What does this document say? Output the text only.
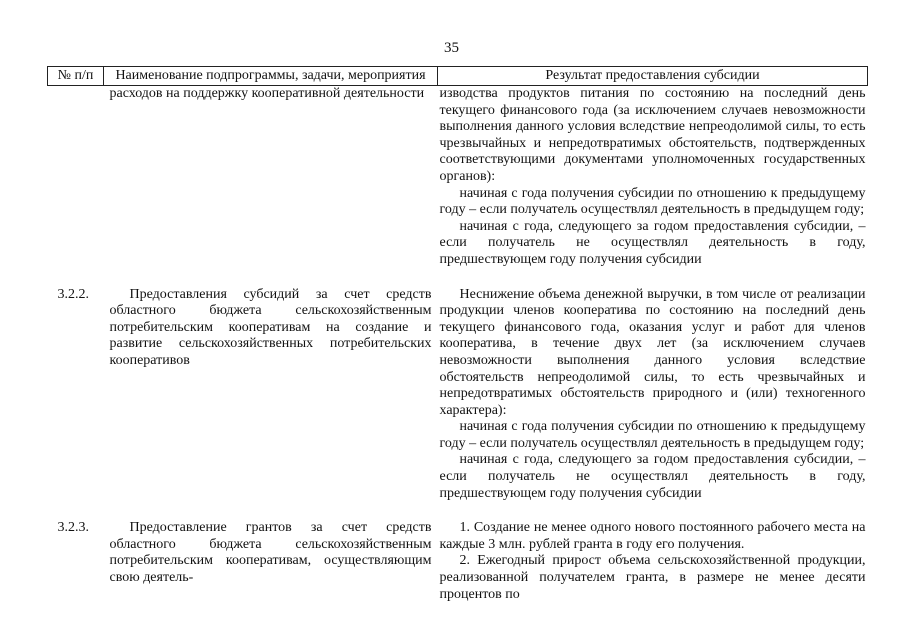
35
№ п/п	Наименование подпрограммы, задачи, мероприятия	Результат предоставления субсидии

	расходов на поддержку кооперативной деятельности	изводства продуктов питания по состоянию на последний день текущего финансового года (за исключением случаев невозможности выполнения данного условия вследствие непреодолимой силы, то есть чрезвычайных и непредотвратимых обстоятельств, подтвержденных соответствующими документами уполномоченных государственных органов):

начиная с года получения субсидии по отношению к предыдущему году – если получатель осуществлял деятельность в предыдущем году;

начиная с года, следующего за годом предоставления субсидии, – если получатель не осуществлял деятельность в году, предшествующем году получения субсидии

3.2.2.	Предоставления субсидий за счет средств областного бюджета сельскохозяйственным потребительским кооперативам на создание и развитие сельскохозяйственных потребительских кооперативов	Неснижение объема денежной выручки, в том числе от реализации продукции членов кооператива по состоянию на последний день текущего финансового года, оказания услуг и работ для членов кооператива, в течение двух лет (за исключением случаев невозможности выполнения данного условия вследствие обстоятельств непреодолимой силы, то есть чрезвычайных и непредотвратимых обстоятельств природного и (или) техногенного характера):

начиная с года получения субсидии по отношению к предыдущему году – если получатель осуществлял деятельность в предыдущем году;

начиная с года, следующего за годом предоставления субсидии, – если получатель не осуществлял деятельность в году, предшествующем году получения субсидии

3.2.3.	Предоставление грантов за счет средств областного бюджета сельскохозяйственным потребительским кооперативам, осуществляющим свою деятель-	1. Создание не менее одного нового постоянного рабочего места на каждые 3 млн. рублей гранта в году его получения.

2. Ежегодный прирост объема сельскохозяйственной продукции, реализованной получателем гранта, в размере не менее десяти процентов по
